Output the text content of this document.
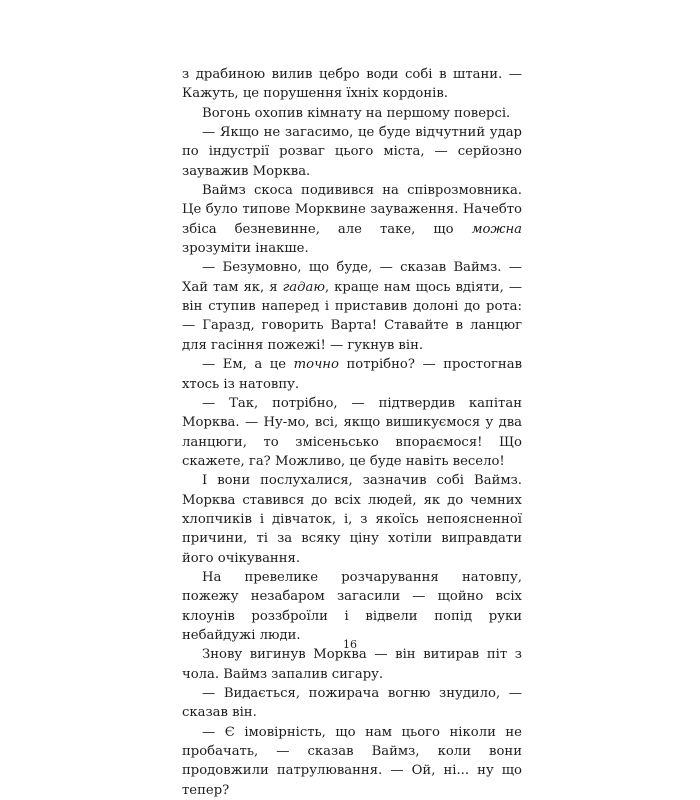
з драбиною вилив цебро води собі в штани. — Кажуть, це порушення їхніх кордонів.

Вогонь охопив кімнату на першому поверсі.

— Якщо не загасимо, це буде відчутний удар по індустрії розваг цього міста, — серйозно зауважив Морква.

Ваймз скоса подивився на співрозмовника. Це було типове Морквине зауваження. Начебто збіса безневинне, але таке, що можна зрозуміти інакше.

— Безумовно, що буде, — сказав Ваймз. — Хай там як, я гадаю, краще нам щось вдіяти, — він ступив наперед і приставив долоні до рота: — Гаразд, говорить Варта! Ставайте в ланцюг для гасіння пожежі! — гукнув він.

— Ем, а це точно потрібно? — простогнав хтось із натовпу.

— Так, потрібно, — підтвердив капітан Морква. — Ну-мо, всі, якщо вишикуємося у два ланцюги, то змісеньсько впораємося! Що скажете, га? Можливо, це буде навіть весело!

І вони послухалися, зазначив собі Ваймз. Морква ставився до всіх людей, як до чемних хлопчиків і дівчаток, і, з якоїсь непоясненної причини, ті за всяку ціну хотіли виправдати його очікування.

На превелике розчарування натовпу, пожежу незабаром загасили — щойно всіх клоунів роззброїли і відвели попід руки небайдужі люди.

Знову вигинув Морква — він витирав піт з чола. Ваймз запалив сигару.

— Видається, пожирача вогню знудило, — сказав він.

— Є імовірність, що нам цього ніколи не пробачать, — сказав Ваймз, коли вони продовжили патрулювання. — Ой, ні... ну що тепер?

16
